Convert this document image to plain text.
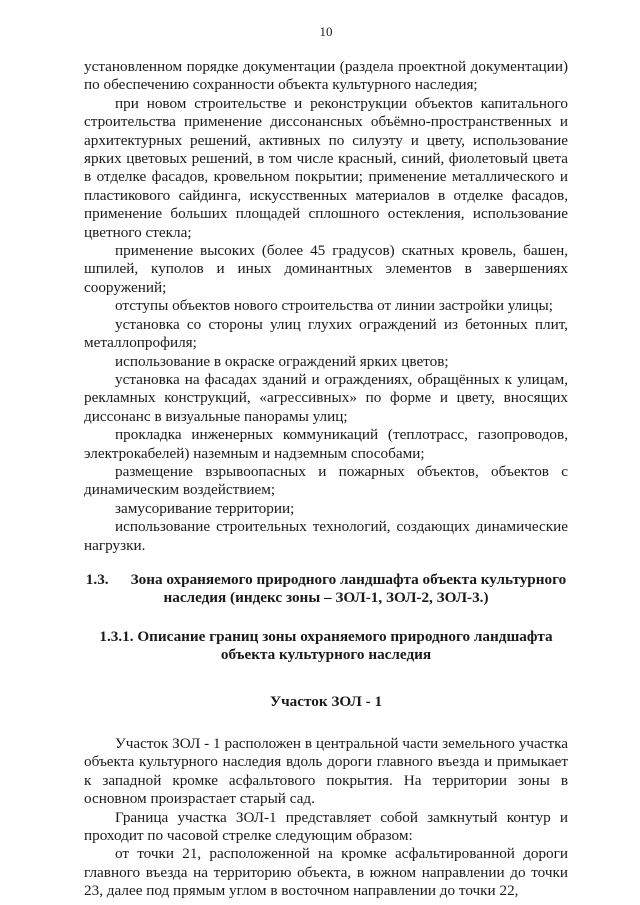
10

установленном порядке документации (раздела проектной документации) по обеспечению сохранности объекта культурного наследия;

при новом строительстве и реконструкции объектов капитального строительства применение диссонансных объёмно-пространственных и архитектурных решений, активных по силуэту и цвету, использование ярких цветовых решений, в том числе красный, синий, фиолетовый цвета в отделке фасадов, кровельном покрытии; применение металлического и пластикового сайдинга, искусственных материалов в отделке фасадов, применение больших площадей сплошного остекления, использование цветного стекла;

применение высоких (более 45 градусов) скатных кровель, башен, шпилей, куполов и иных доминантных элементов в завершениях сооружений;

отступы объектов нового строительства от линии застройки улицы;

установка со стороны улиц глухих ограждений из бетонных плит, металлопрофиля;

использование в окраске ограждений ярких цветов;

установка на фасадах зданий и ограждениях, обращённых к улицам, рекламных конструкций, «агрессивных» по форме и цвету, вносящих диссонанс в визуальные панорамы улиц;

прокладка инженерных коммуникаций (теплотрасс, газопроводов, электрокабелей) наземным и надземным способами;

размещение взрывоопасных и пожарных объектов, объектов с динамическим воздействием;

замусоривание территории;

использование строительных технологий, создающих динамические нагрузки.

1.3. Зона охраняемого природного ландшафта объекта культурного
наследия (индекс зоны – ЗОЛ-1, ЗОЛ-2, ЗОЛ-3.)
1.3.1. Описание границ зоны охраняемого природного ландшафта
объекта культурного наследия
Участок ЗОЛ - 1

Участок ЗОЛ - 1 расположен в центральной части земельного участка объекта культурного наследия вдоль дороги главного въезда и примыкает к западной кромке асфальтового покрытия. На территории зоны в основном произрастает старый сад.

Граница участка ЗОЛ-1 представляет собой замкнутый контур и проходит по часовой стрелке следующим образом:

от точки 21, расположенной на кромке асфальтированной дороги главного въезда на территорию объекта, в южном направлении до точки 23, далее под прямым углом в восточном направлении до точки 22,
